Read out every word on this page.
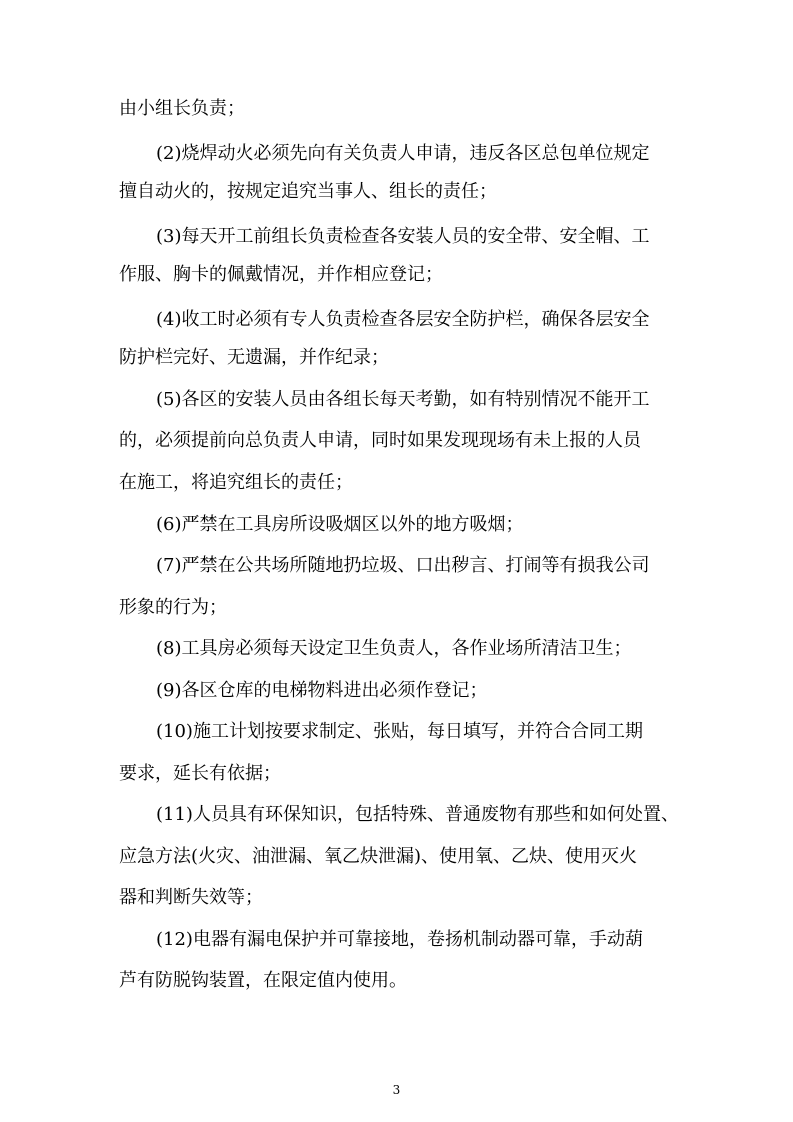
由小组长负责；
(2)烧焊动火必须先向有关负责人申请，违反各区总包单位规定
擅自动火的，按规定追究当事人、组长的责任；
(3)每天开工前组长负责检查各安装人员的安全带、安全帽、工
作服、胸卡的佩戴情况，并作相应登记；
(4)收工时必须有专人负责检查各层安全防护栏，确保各层安全
防护栏完好、无遗漏，并作纪录；
(5)各区的安装人员由各组长每天考勤，如有特别情况不能开工
的，必须提前向总负责人申请，同时如果发现现场有未上报的人员
在施工，将追究组长的责任；
(6)严禁在工具房所设吸烟区以外的地方吸烟；
(7)严禁在公共场所随地扔垃圾、口出秽言、打闹等有损我公司
形象的行为；
(8)工具房必须每天设定卫生负责人，各作业场所清洁卫生；
(9)各区仓库的电梯物料进出必须作登记；
(10)施工计划按要求制定、张贴，每日填写，并符合合同工期
要求，延长有依据；
(11)人员具有环保知识，包括特殊、普通废物有那些和如何处置、
应急方法(火灾、油泄漏、氧乙炔泄漏)、使用氧、乙炔、使用灭火
器和判断失效等；
(12)电器有漏电保护并可靠接地，卷扬机制动器可靠，手动葫
芦有防脱钩装置，在限定值内使用。
3
